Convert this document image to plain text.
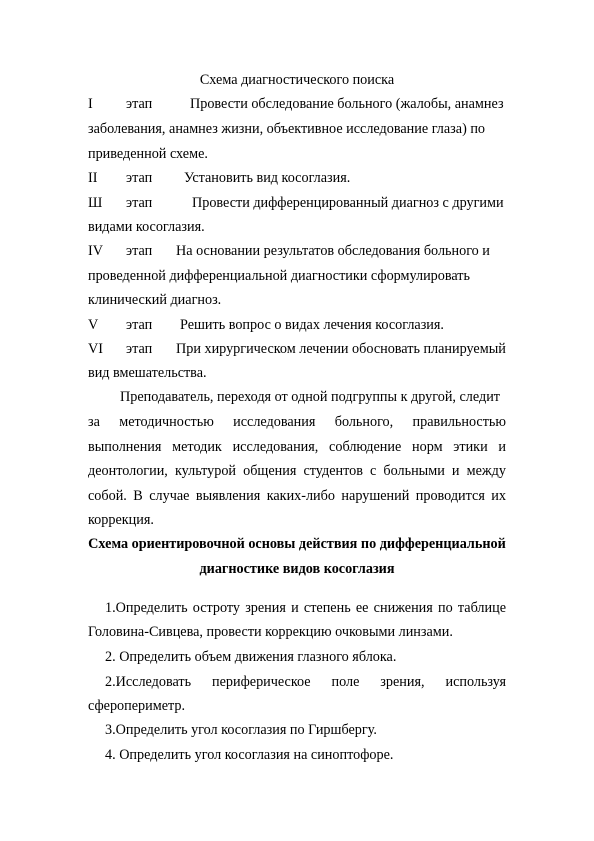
Схема диагностического поиска
I	этап	Провести обследование больного (жалобы, анамнез
заболевания, анамнез жизни, объективное исследование глаза) по
приведенной схеме.
II	этап	Установить вид косоглазия.
Ш	этап	Провести дифференцированный диагноз с другими
видами косоглазия.
IV	этап	На основании результатов обследования больного и
проведенной дифференциальной диагностики сформулировать
клинический диагноз.
V	этап	Решить вопрос о видах лечения косоглазия.
VI	этап	При хирургическом лечении обосновать планируемый
вид вмешательства.
Преподаватель, переходя от одной подгруппы к другой, следит
за методичностью исследования больного, правильностью
выполнения методик исследования, соблюдение норм этики и
деонтологии, культурой общения студентов с больными и между
собой. В случае выявления каких-либо нарушений проводится их
коррекция.
Схема ориентировочной основы действия по дифференциальной
диагностике видов косоглазия
1.Определить остроту зрения и степень ее снижения по таблице
Головина-Сивцева, провести коррекцию очковыми линзами.
2. Определить объем движения глазного яблока.
2.Исследовать периферическое поле зрения, используя
сферопериметр.
3.Определить угол косоглазия по Гиршбергу.
4. Определить угол косоглазия на синоптофоре.
